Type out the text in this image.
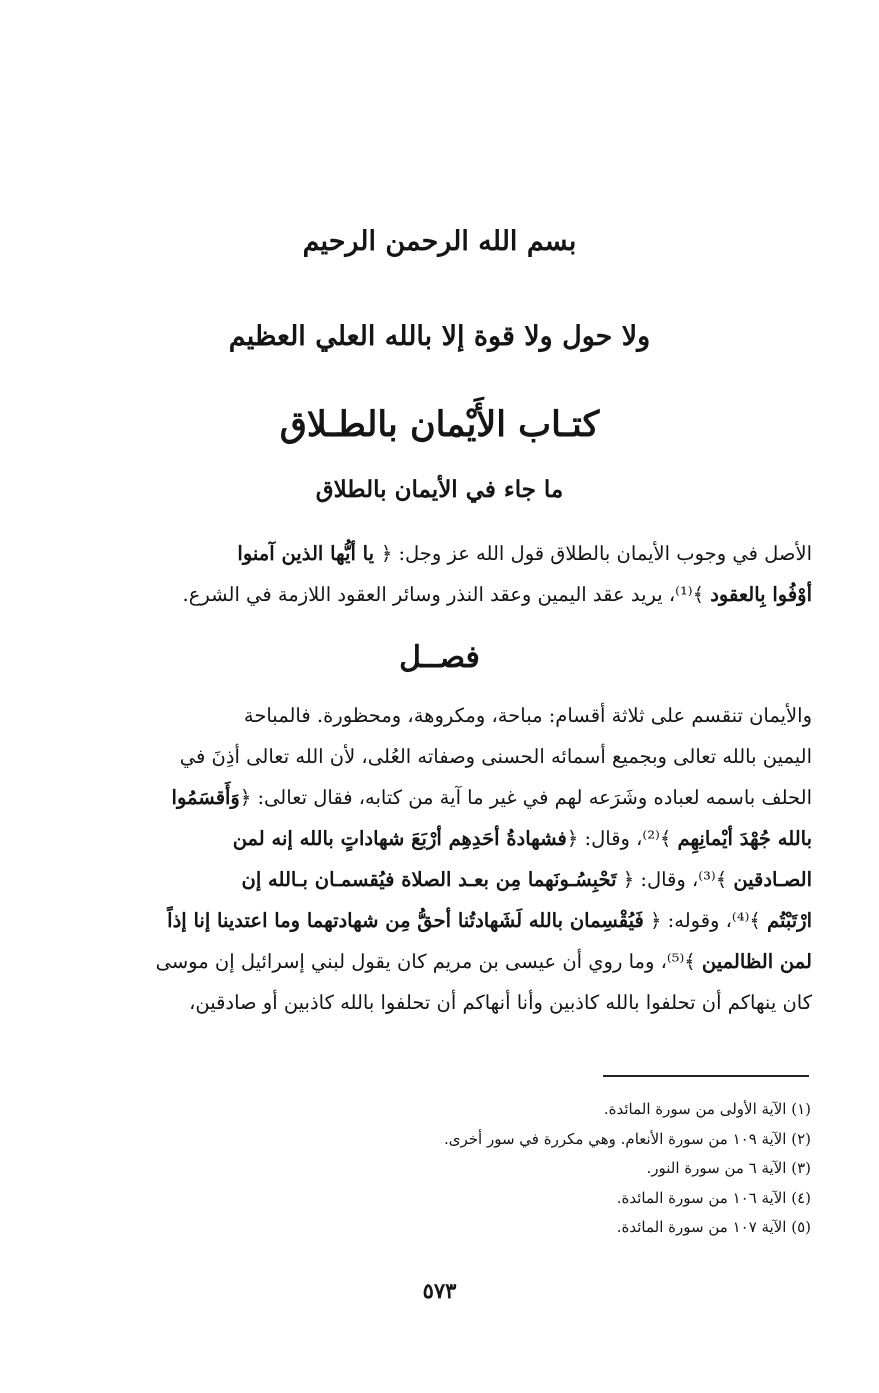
بسم الله الرحمن الرحيم
ولا حول ولا قوة إلا بالله العلي العظيم
كتـاب الأَيْمان بالطـلاق
ما جاء في الأيمان بالطلاق
الأصل في وجوب الأيمان بالطلاق قول الله عز وجل: ﴿ يا أيُّها الذين آمنوا
أوْفُوا بِالعقود ﴾⁽¹⁾، يريد عقد اليمين وعقد النذر وسائر العقود اللازمة في الشرع.
فصــل
والأيمان تنقسم على ثلاثة أقسام: مباحة، ومكروهة، ومحظورة. فالمباحة
اليمين بالله تعالى وبجميع أسمائه الحسنى وصفاته العُلى، لأن الله تعالى أذِنَ في
الحلف باسمه لعباده وشَرَعه لهم في غير ما آية من كتابه، فقال تعالى: ﴿وَأَقسَمُوا
بالله جُهْدَ أيْمانِهِم ﴾⁽²⁾، وقال: ﴿فشهادةُ أحَدِهِم أرْبَعَ شهاداتٍ بالله إنه لمن
الصـادقين ﴾⁽³⁾، وقال: ﴿ تَحْبِسُـونَهما مِن بعـد الصلاة فيُقسمـان بـالله إن
ارْتَبْتُم ﴾⁽⁴⁾، وقوله: ﴿ فَيُقْسِمان بالله لَشَهادتُنا أحقُّ مِن شهادتهما وما اعتدينا إنا إذاً
لمن الظالمين ﴾⁽⁵⁾، وما روي أن عيسى بن مريم كان يقول لبني إسرائيل إن موسى
كان ينهاكم أن تحلفوا بالله كاذبين وأنا أنهاكم أن تحلفوا بالله كاذبين أو صادقين،
(١) الآية الأولى من سورة المائدة.
(٢) الآية ١٠٩ من سورة الأنعام. وهي مكررة في سور أخرى.
(٣) الآية ٦ من سورة النور.
(٤) الآية ١٠٦ من سورة المائدة.
(٥) الآية ١٠٧ من سورة المائدة.
٥٧٣
